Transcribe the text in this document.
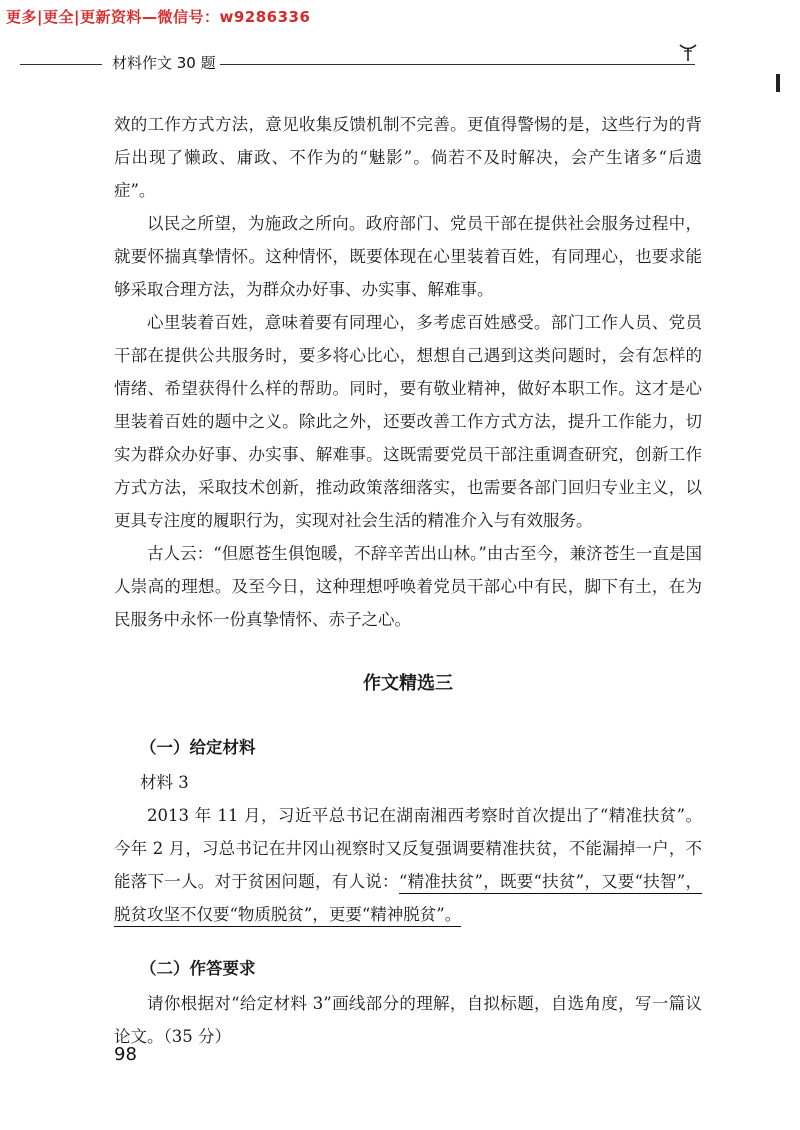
更多|更全|更新资料—微信号：w9286336
材料作文 30 题

效的工作方式方法，意见收集反馈机制不完善。更值得警惕的是，这些行为的背后出现了懒政、庸政、不作为的“魅影”。倘若不及时解决，会产生诸多“后遗症”。

以民之所望，为施政之所向。政府部门、党员干部在提供社会服务过程中，就要怀揣真挚情怀。这种情怀，既要体现在心里装着百姓，有同理心，也要求能够采取合理方法，为群众办好事、办实事、解难事。

心里装着百姓，意味着要有同理心，多考虑百姓感受。部门工作人员、党员干部在提供公共服务时，要多将心比心，想想自己遇到这类问题时，会有怎样的情绪、希望获得什么样的帮助。同时，要有敬业精神，做好本职工作。这才是心里装着百姓的题中之义。除此之外，还要改善工作方式方法，提升工作能力，切实为群众办好事、办实事、解难事。这既需要党员干部注重调查研究，创新工作方式方法，采取技术创新，推动政策落细落实，也需要各部门回归专业主义，以更具专注度的履职行为，实现对社会生活的精准介入与有效服务。

古人云：“但愿苍生俱饱暖，不辞辛苦出山林。”由古至今，兼济苍生一直是国人崇高的理想。及至今日，这种理想呼唤着党员干部心中有民，脚下有土，在为民服务中永怀一份真挚情怀、赤子之心。

作文精选三
（一）给定材料

材料 3

2013 年 11 月，习近平总书记在湖南湘西考察时首次提出了“精准扶贫”。今年 2 月，习总书记在井冈山视察时又反复强调要精准扶贫，不能漏掉一户，不能落下一人。对于贫困问题，有人说：“精准扶贫”，既要“扶贫”，又要“扶智”，脱贫攻坚不仅要“物质脱贫”，更要“精神脱贫”。

（二）作答要求

请你根据对“给定材料 3”画线部分的理解，自拟标题，自选角度，写一篇议论文。（35 分）

98
